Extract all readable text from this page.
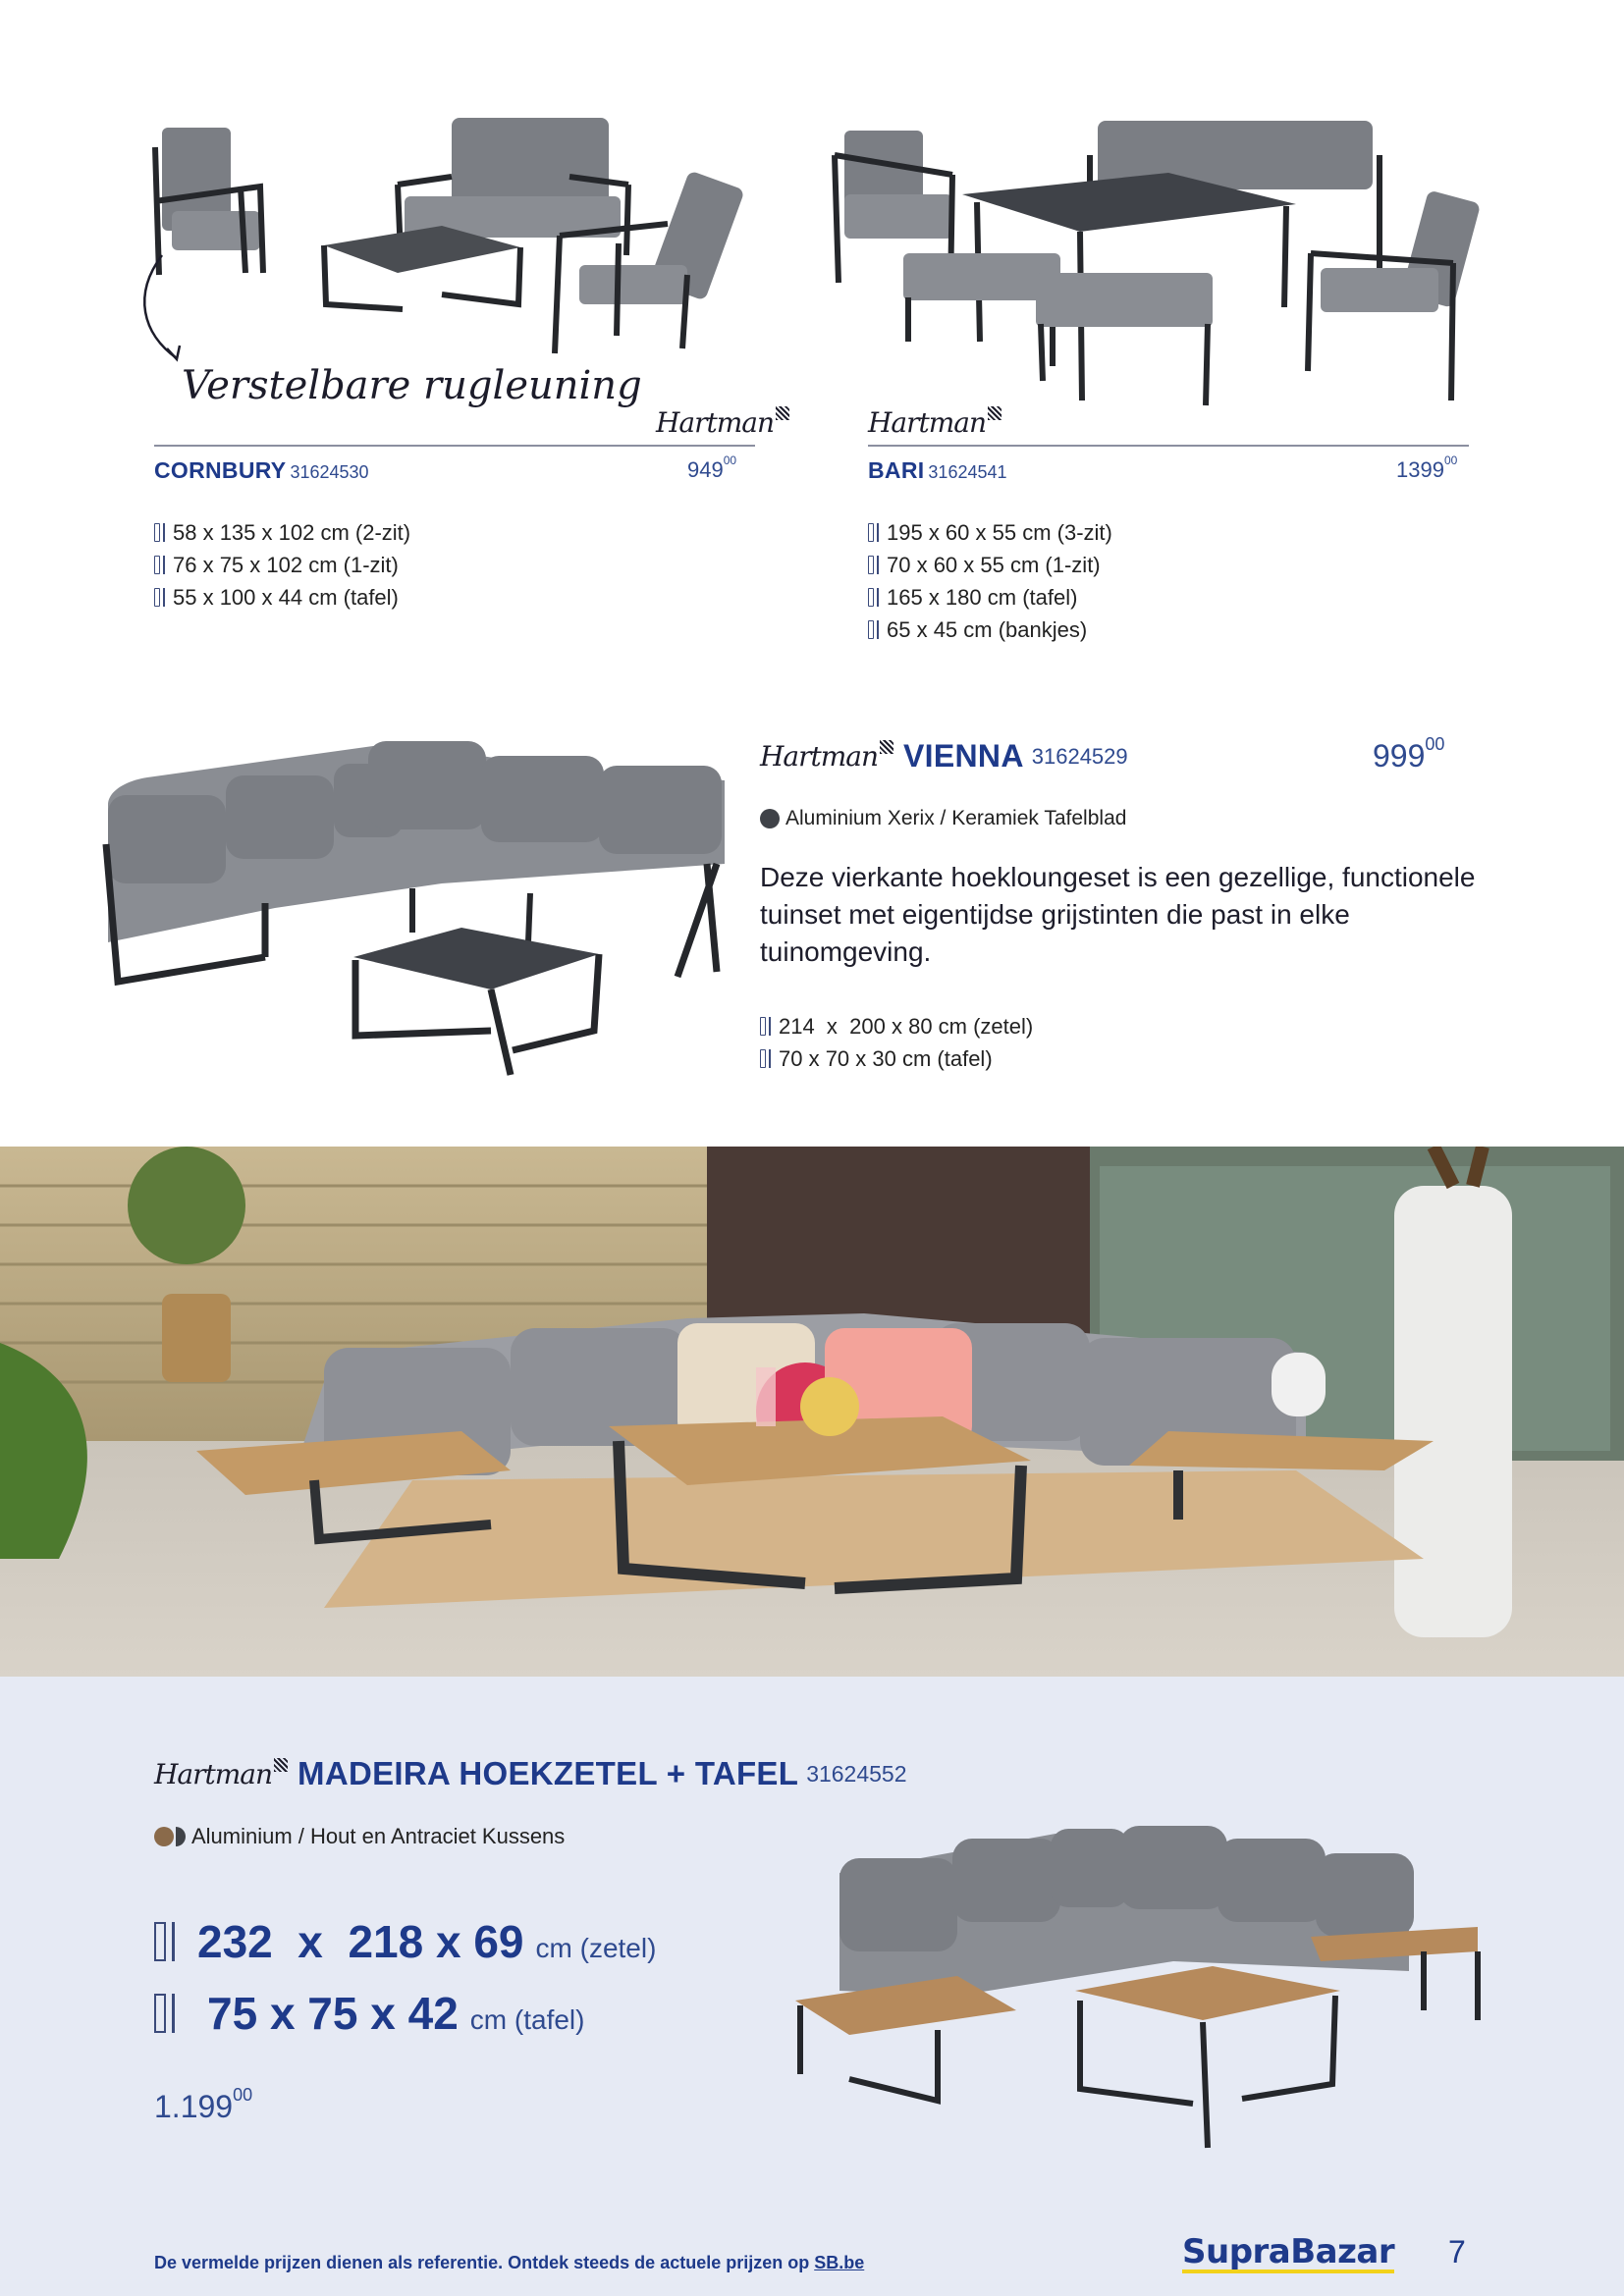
Verstelbare rugleuning
Hartman
CORNBURY 31624530	$949^{00}$
58 x 135 x 102 cm (2-zit)
76 x 75 x 102 cm (1-zit)
55 x 100 x 44 cm (tafel)
Hartman
BARI 31624541	1399$^{00}$
195 x 60 x 55 cm (3-zit)
70 x 60 x 55 cm (1-zit)
165 x 180 cm (tafel)
65 x 45 cm (bankjes)
Hartman VIENNA 31624529	$999^{00}$
Aluminium Xerix / Keramiek Tafelblad
Deze vierkante hoekloungeset is een gezellige, functionele tuinset met eigentijdse grijstinten die past in elke tuinomgeving.
214  x  200 x 80 cm (zetel)
70 x 70 x 30 cm (tafel)
Hartman MADEIRA HOEKZETEL + TAFEL 31624552
Aluminium / Hout en Antraciet Kussens
232  x  218 x 69 cm (zetel)
75 x 75 x 42 cm (tafel)
1.199$^{00}$
De vermelde prijzen dienen als referentie. Ontdek steeds de actuele prijzen op SB.be	SupraBazar 7
